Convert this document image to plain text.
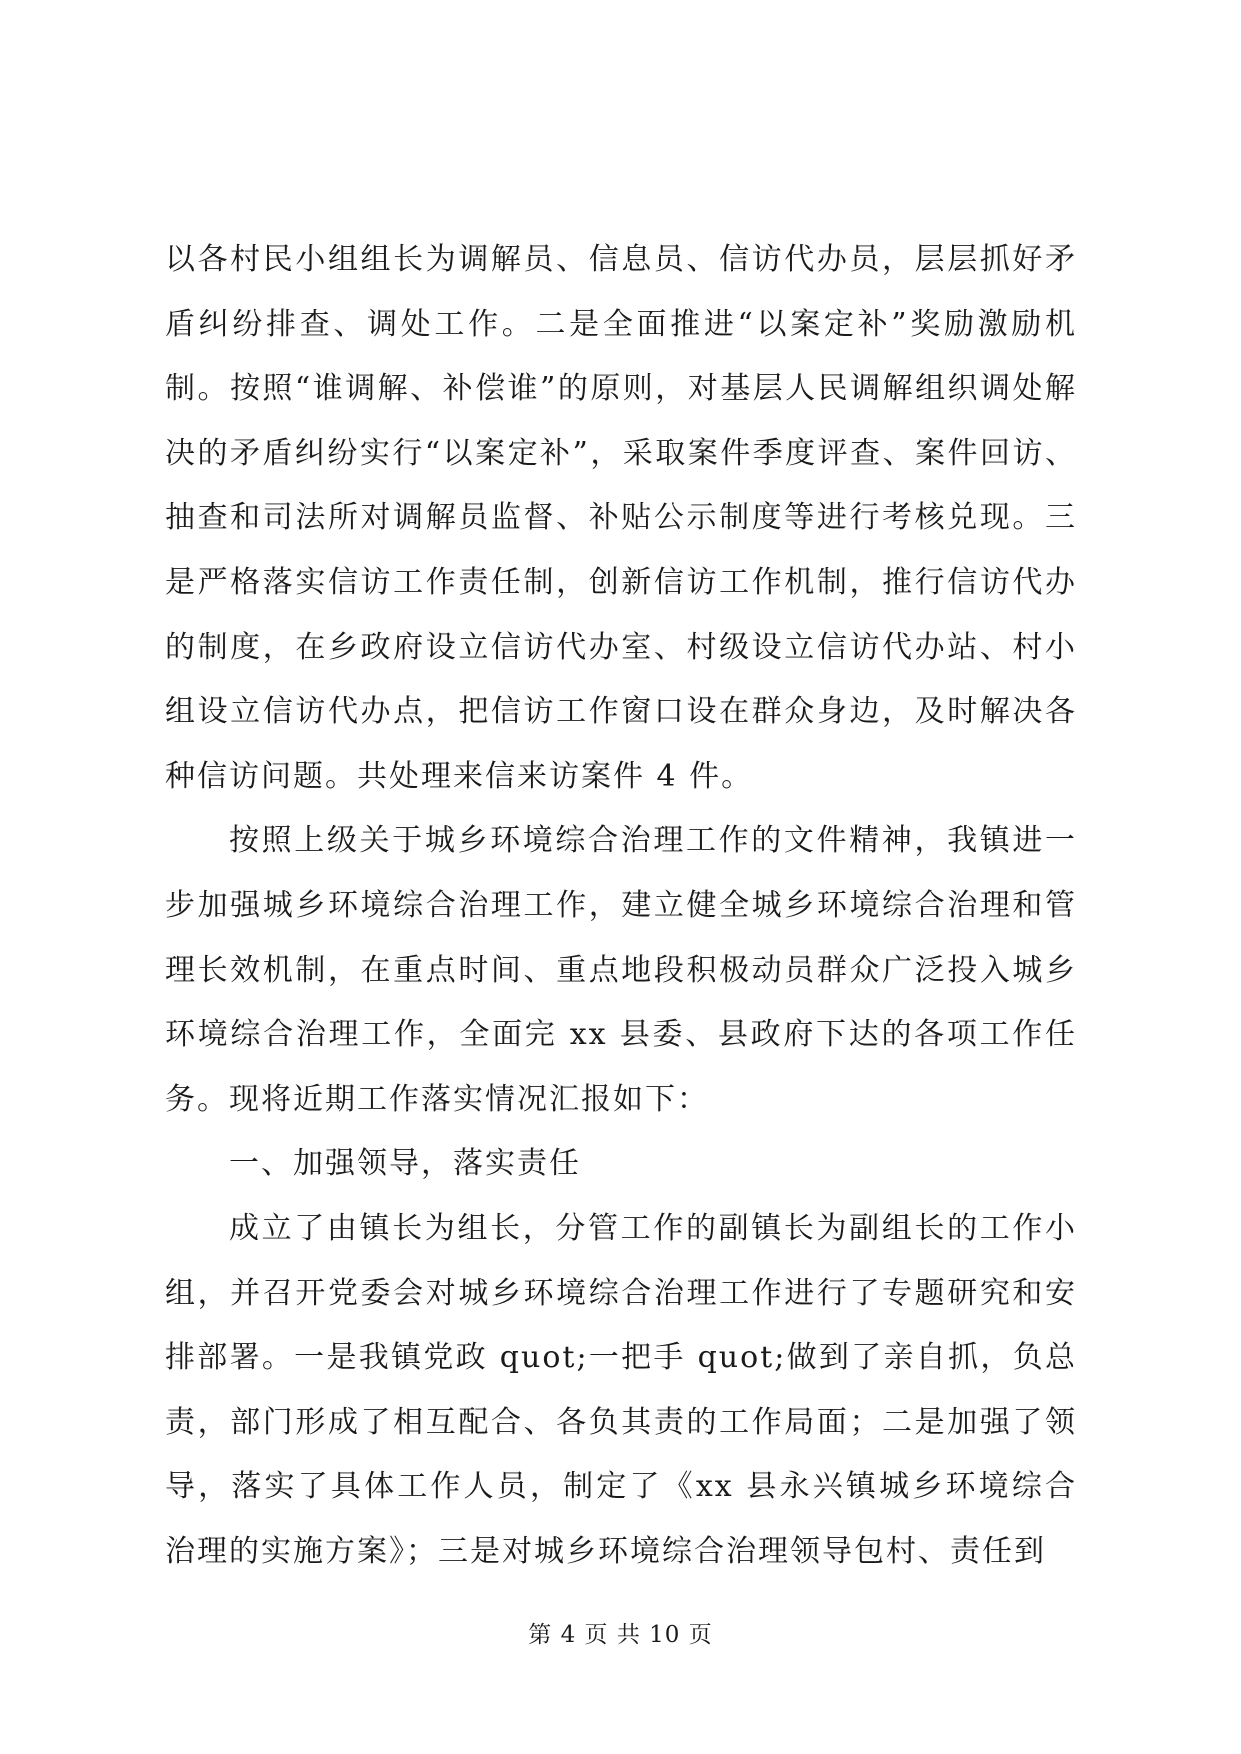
以各村民小组组长为调解员、信息员、信访代办员，层层抓好矛盾纠纷排查、调处工作。二是全面推进“以案定补”奖励激励机制。按照“谁调解、补偿谁”的原则，对基层人民调解组织调处解决的矛盾纠纷实行“以案定补”，采取案件季度评查、案件回访、抽查和司法所对调解员监督、补贴公示制度等进行考核兑现。三是严格落实信访工作责任制，创新信访工作机制，推行信访代办的制度，在乡政府设立信访代办室、村级设立信访代办站、村小组设立信访代办点，把信访工作窗口设在群众身边，及时解决各种信访问题。共处理来信来访案件 4 件。

按照上级关于城乡环境综合治理工作的文件精神，我镇进一步加强城乡环境综合治理工作，建立健全城乡环境综合治理和管理长效机制，在重点时间、重点地段积极动员群众广泛投入城乡环境综合治理工作，全面完 xx 县委、县政府下达的各项工作任务。现将近期工作落实情况汇报如下：

一、加强领导，落实责任

成立了由镇长为组长，分管工作的副镇长为副组长的工作小组，并召开党委会对城乡环境综合治理工作进行了专题研究和安排部署。一是我镇党政 quot;一把手 quot;做到了亲自抓，负总责，部门形成了相互配合、各负其责的工作局面；二是加强了领导，落实了具体工作人员，制定了《xx 县永兴镇城乡环境综合治理的实施方案》；三是对城乡环境综合治理领导包村、责任到

第 4 页 共 10 页
